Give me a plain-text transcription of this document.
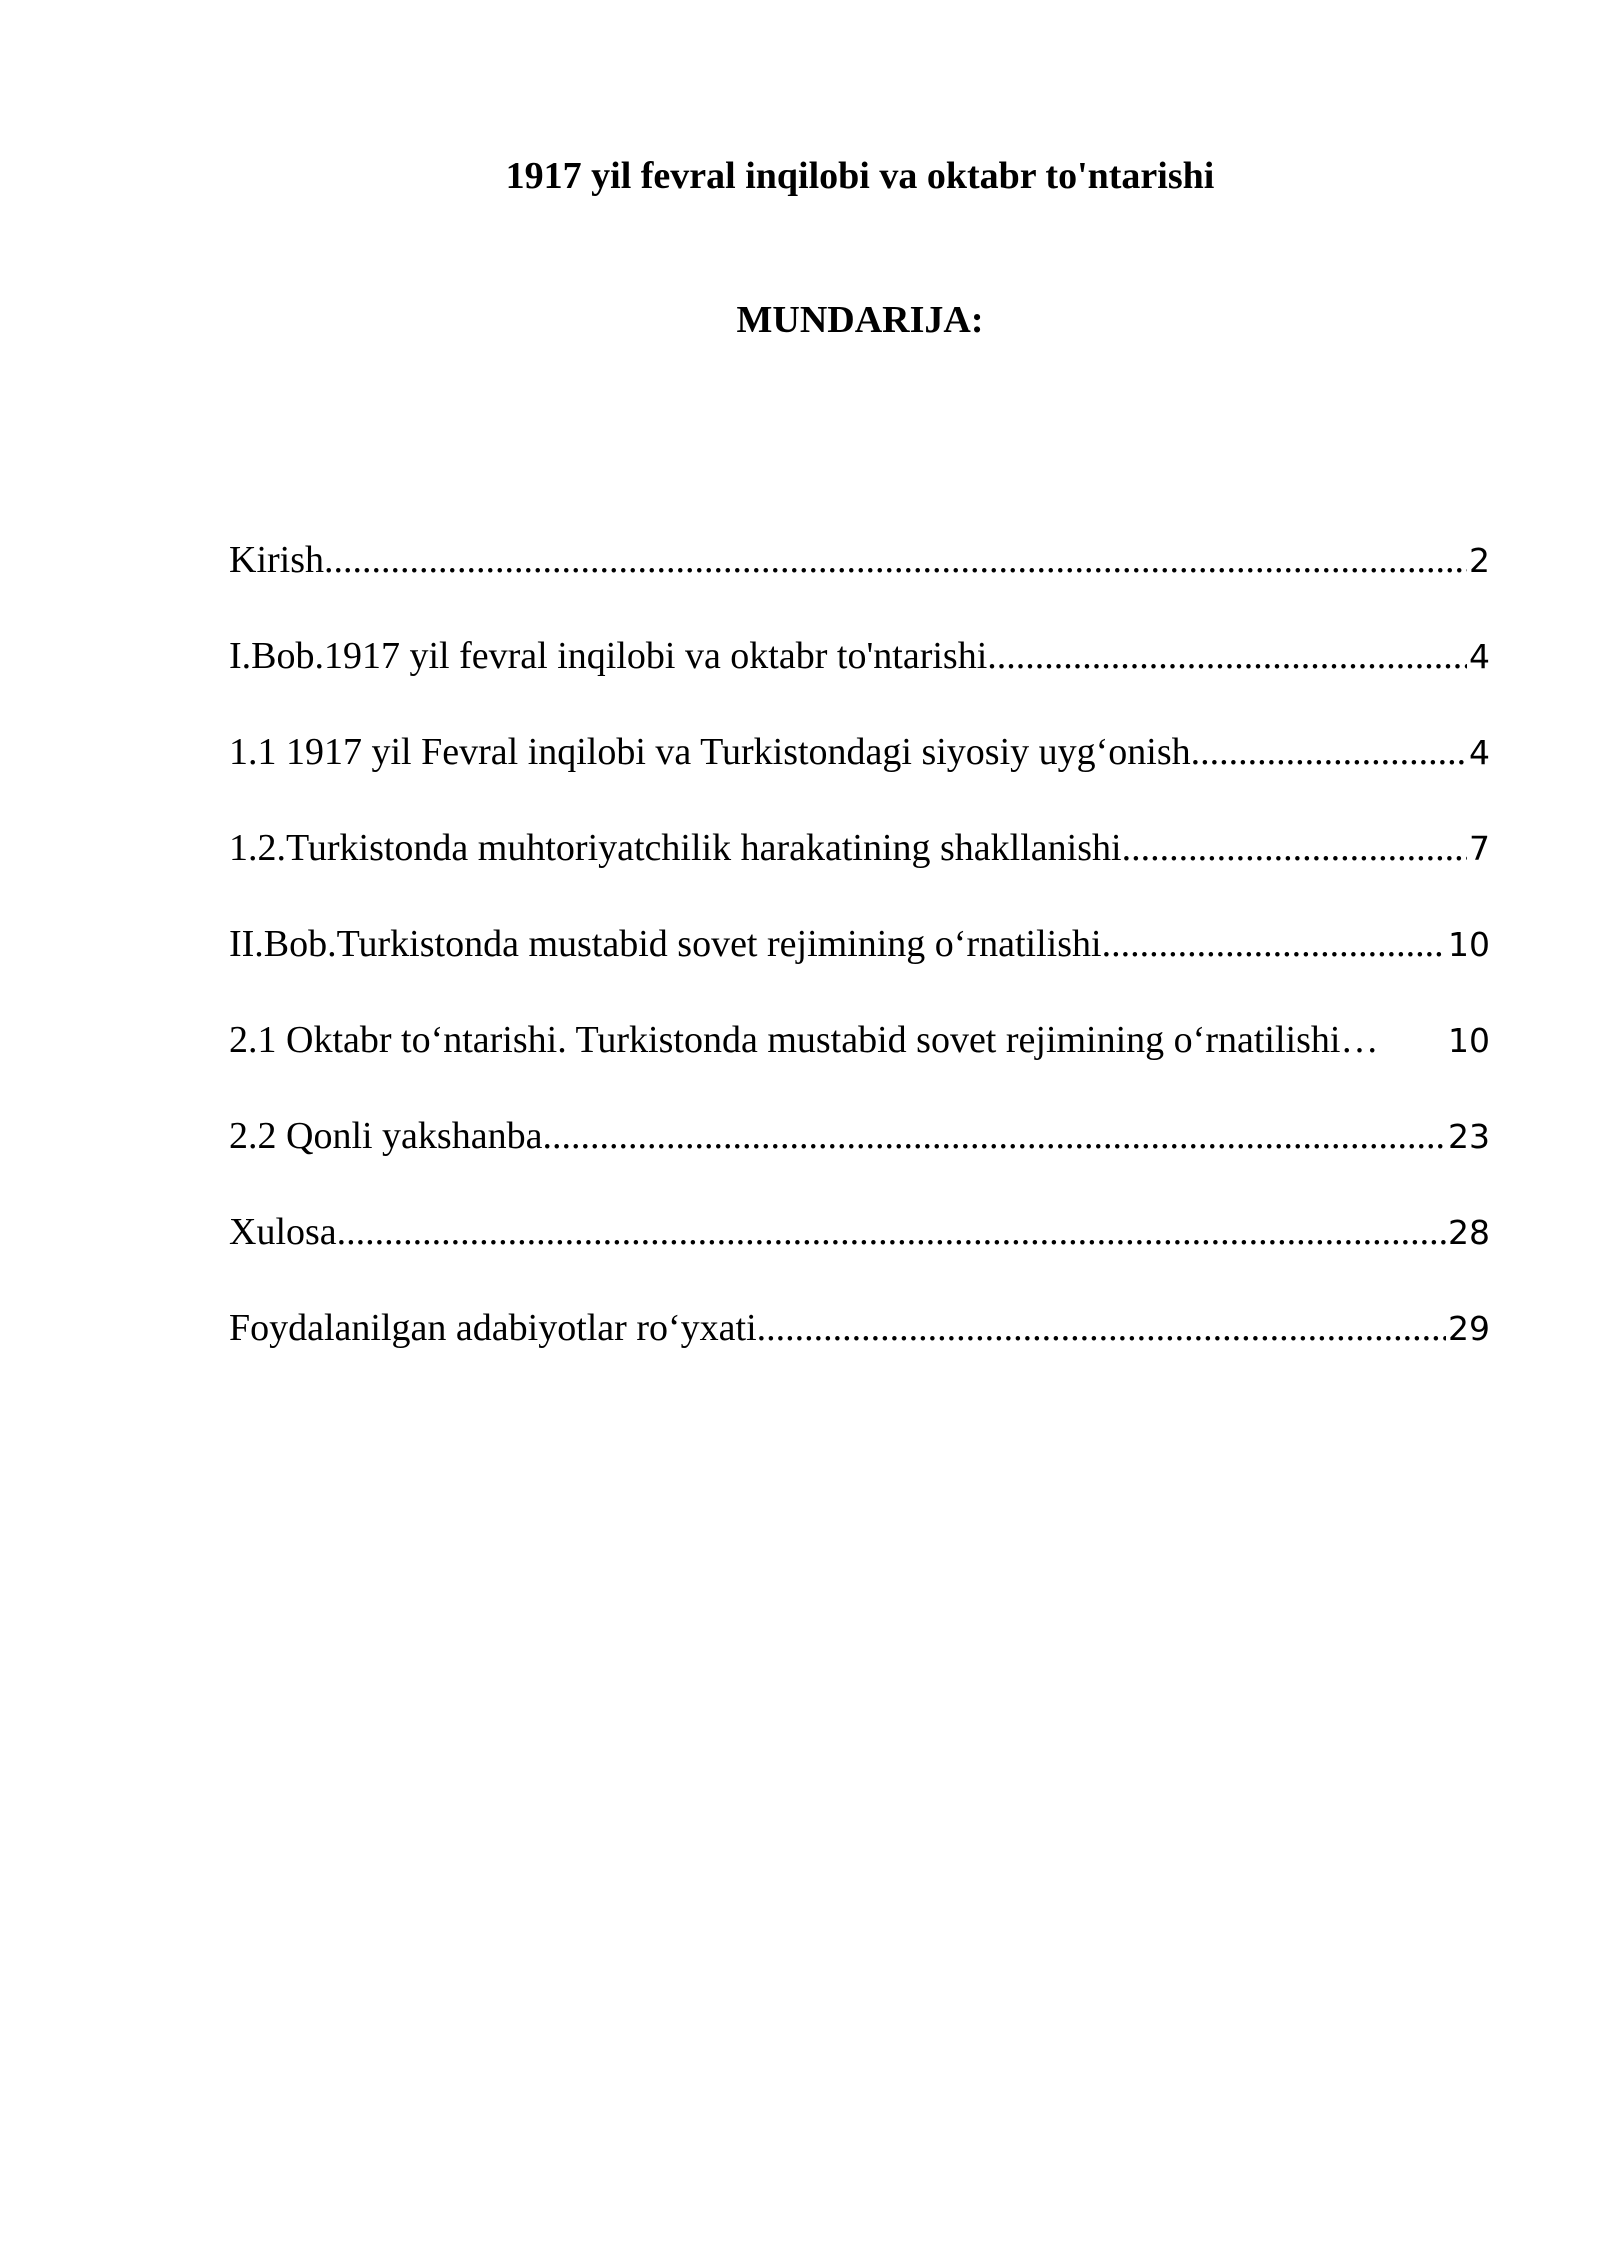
1917 yil fevral inqilobi va oktabr to'ntarishi
MUNDARIJA:
Kirish .....	2
I.Bob.1917 yil fevral inqilobi va oktabr to'ntarishi .....	4
1.1 1917 yil Fevral inqilobi va Turkistondagi siyosiy uyg‘onish .....	4
1.2.Turkistonda muhtoriyatchilik harakatining shakllanishi .....	7
II.Bob.Turkistonda mustabid sovet rejimining o‘rnatilishi .....	10
2.1 Oktabr to‘ntarishi. Turkistonda mustabid sovet rejimining o‘rnatilishi …	10
2.2 Qonli yakshanba .....	23
Xulosa .....	28
Foydalanilgan adabiyotlar ro‘yxati .....	29
